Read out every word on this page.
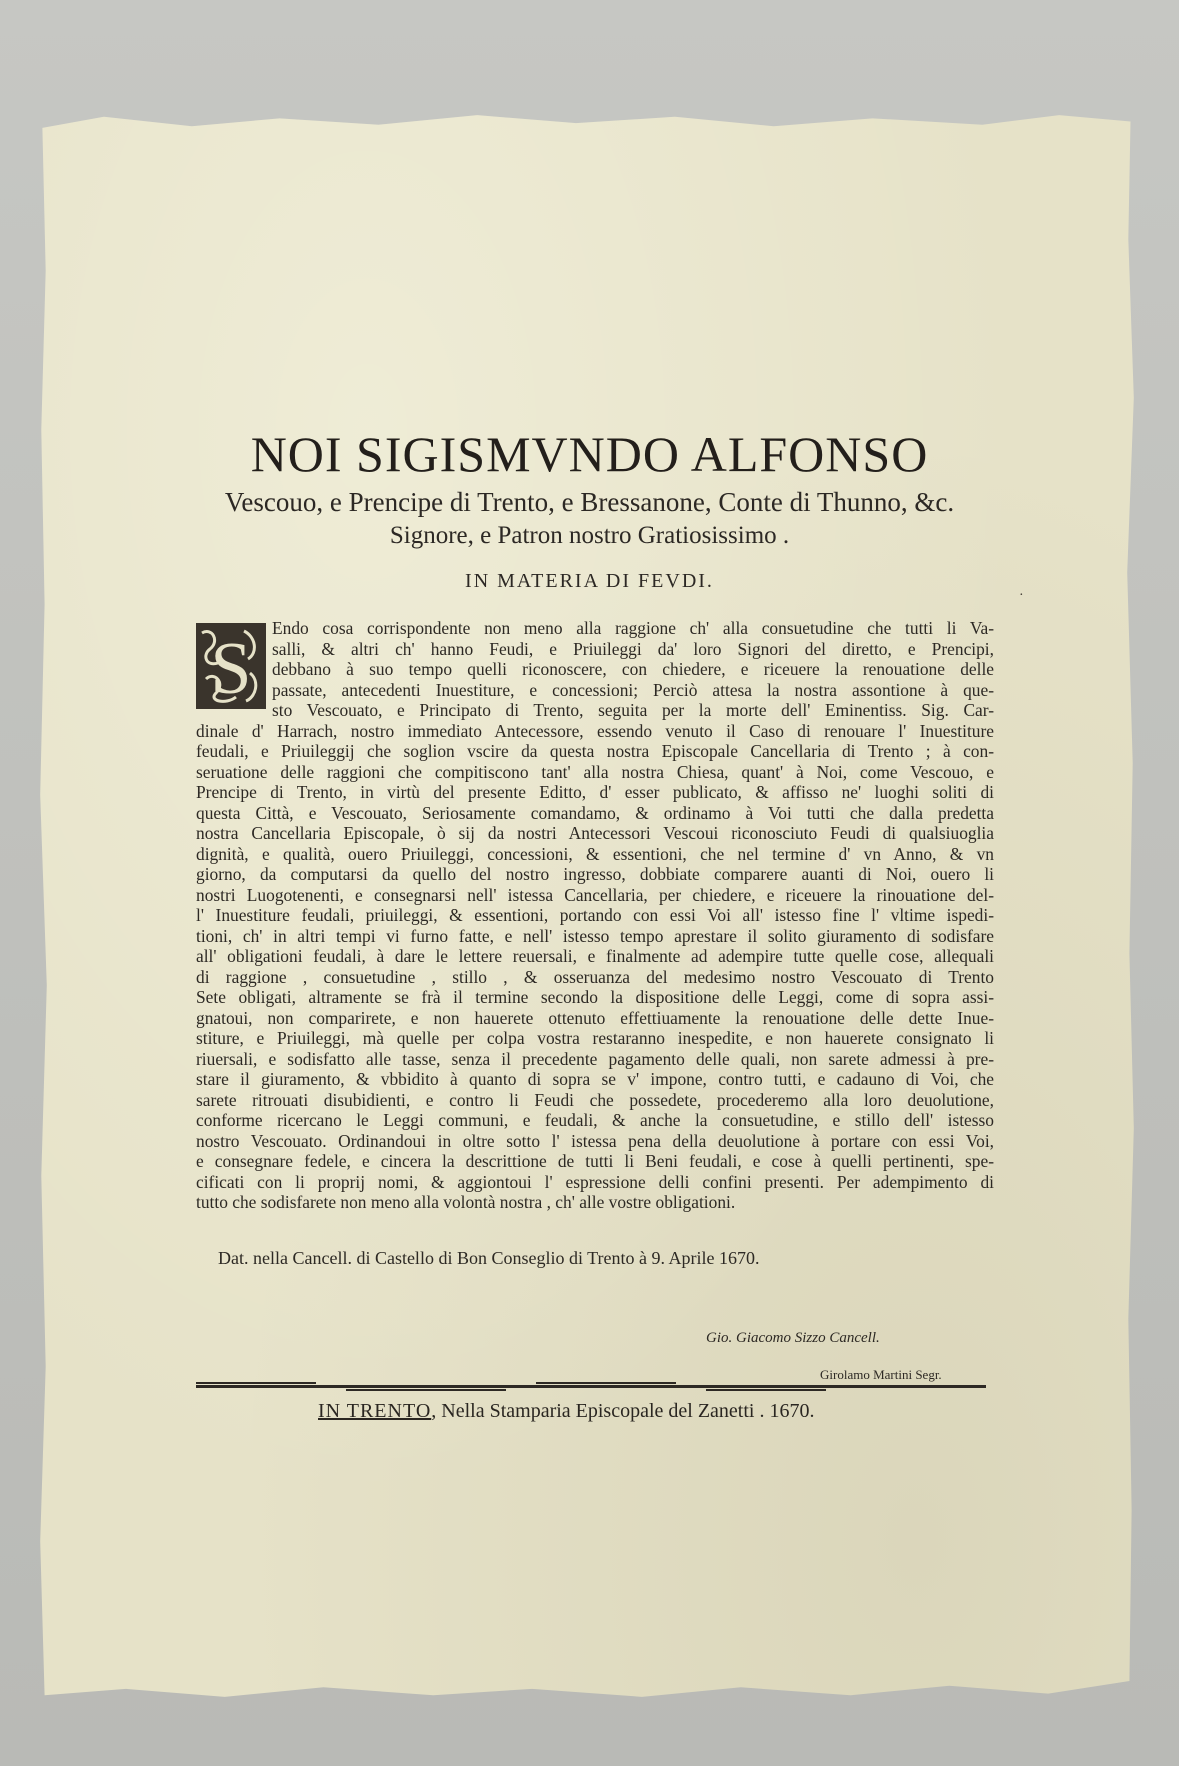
NOI SIGISMVNDO ALFONSO

Vescouo, e Prencipe di Trento, e Bressanone, Conte di Thunno, &c.

Signore, e Patron nostro Gratiosissimo .

IN MATERIA DI FEVDI.

S	Endo cosa corrispondente non meno alla raggione ch' alla consuetudine che tutti li Va-
salli, & altri ch' hanno Feudi, e Priuileggi da' loro Signori del diretto, e Prencipi,
debbano à suo tempo quelli riconoscere, con chiedere, e riceuere la renouatione delle
passate, antecedenti Inuestiture, e concessioni; Perciò attesa la nostra assontione à que-
sto Vescouato, e Principato di Trento, seguita per la morte dell' Eminentiss. Sig. Car-
dinale d' Harrach, nostro immediato Antecessore, essendo venuto il Caso di renouare l' Inuestiture
feudali, e Priuileggij che soglion vscire da questa nostra Episcopale Cancellaria di Trento ; à con-
seruatione delle raggioni che compitiscono tant' alla nostra Chiesa, quant' à Noi, come Vescouo, e
Prencipe di Trento, in virtù del presente Editto, d' esser publicato, & affisso ne' luoghi soliti di
questa Città, e Vescouato, Seriosamente comandamo, & ordinamo à Voi tutti che dalla predetta
nostra Cancellaria Episcopale, ò sij da nostri Antecessori Vescoui riconosciuto Feudi di qualsiuoglia
dignità, e qualità, ouero Priuileggi, concessioni, & essentioni, che nel termine d' vn Anno, & vn
giorno, da computarsi da quello del nostro ingresso, dobbiate comparere auanti di Noi, ouero li
nostri Luogotenenti, e consegnarsi nell' istessa Cancellaria, per chiedere, e riceuere la rinouatione del-
l' Inuestiture feudali, priuileggi, & essentioni, portando con essi Voi all' istesso fine l' vltime ispedi-
tioni, ch' in altri tempi vi furno fatte, e nell' istesso tempo aprestare il solito giuramento di sodisfare
all' obligationi feudali, à dare le lettere reuersali, e finalmente ad adempire tutte quelle cose, allequali
di raggione , consuetudine , stillo , & osseruanza del medesimo nostro Vescouato di Trento
Sete obligati, altramente se frà il termine secondo la dispositione delle Leggi, come di sopra assi-
gnatoui, non comparirete, e non hauerete ottenuto effettiuamente la renouatione delle dette Inue-
stiture, e Priuileggi, mà quelle per colpa vostra restaranno inespedite, e non hauerete consignato li
riuersali, e sodisfatto alle tasse, senza il precedente pagamento delle quali, non sarete admessi à pre-
stare il giuramento, & vbbidito à quanto di sopra se v' impone, contro tutti, e cadauno di Voi, che
sarete ritrouati disubidienti, e contro li Feudi che possedete, procederemo alla loro deuolutione,
conforme ricercano le Leggi communi, e feudali, & anche la consuetudine, e stillo dell' istesso
nostro Vescouato. Ordinandoui in oltre sotto l' istessa pena della deuolutione à portare con essi Voi,
e consegnare fedele, e cincera la descrittione de tutti li Beni feudali, e cose à quelli pertinenti, spe-
cificati con li proprij nomi, & aggiontoui l' espressione delli confini presenti. Per adempimento di
tutto che sodisfarete non meno alla volontà nostra , ch' alle vostre obligationi.
Dat. nella Cancell. di Castello di Bon Conseglio di Trento à 9. Aprile 1670.
Gio. Giacomo Sizzo Cancell.
Girolamo Martini Segr.
IN TRENTO, Nella Stamparia Episcopale del Zanetti . 1670.
·
